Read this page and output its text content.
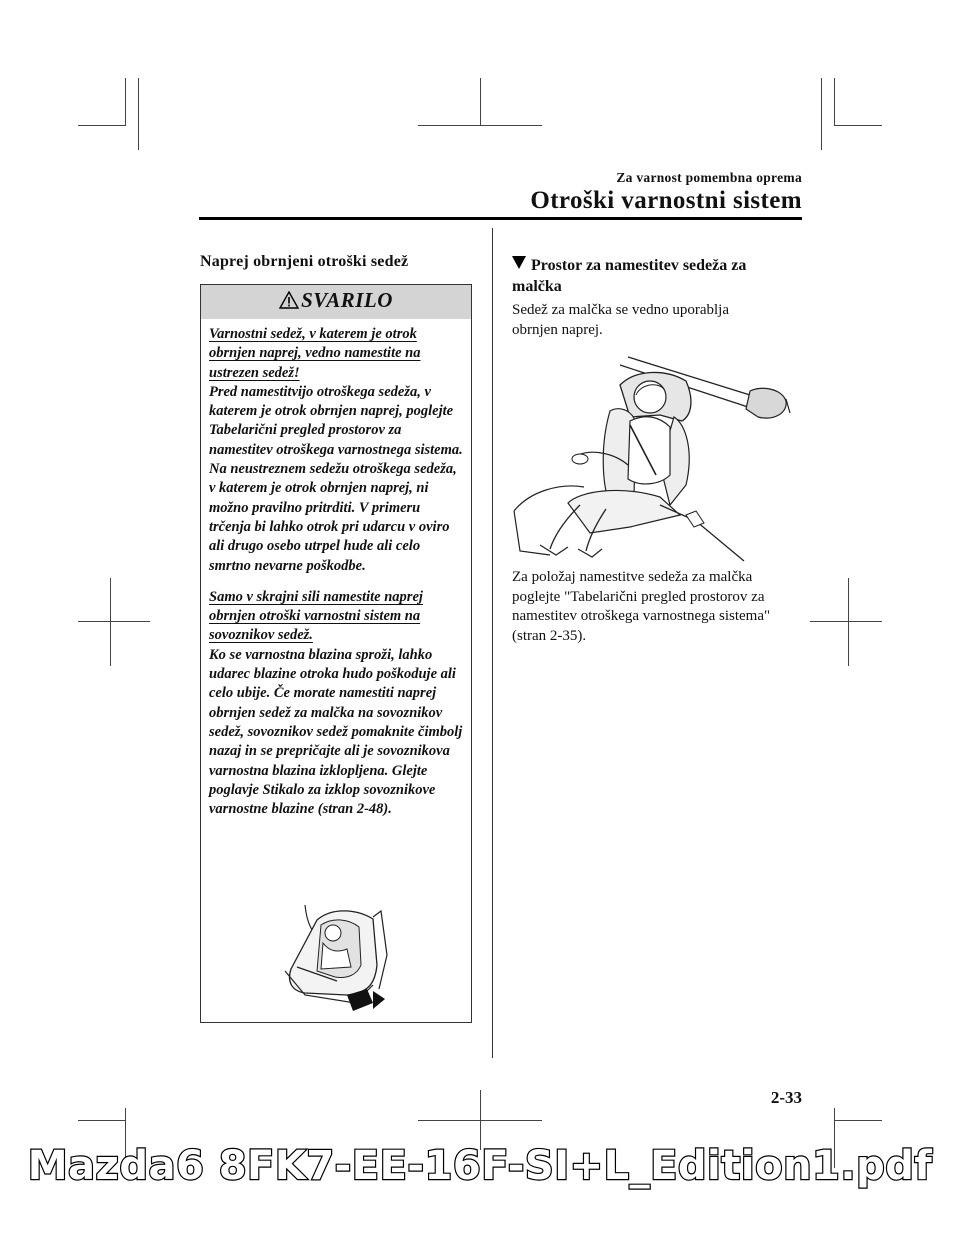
Za varnost pomembna oprema
Otroški varnostni sistem
Naprej obrnjeni otroški sedež
SVARILO

Varnostni sedež, v katerem je otrok obrnjen naprej, vedno namestite na ustrezen sedež!

Pred namestitvijo otroškega sedeža, v katerem je otrok obrnjen naprej, poglejte Tabelarični pregled prostorov za namestitev otroškega varnostnega sistema. Na neustreznem sedežu otroškega sedeža, v katerem je otrok obrnjen naprej, ni možno pravilno pritrditi. V primeru trčenja bi lahko otrok pri udarcu v oviro ali drugo osebo utrpel hude ali celo smrtno nevarne poškodbe.

Samo v skrajni sili namestite naprej obrnjen otroški varnostni sistem na sovoznikov sedež.

Ko se varnostna blazina sproži, lahko udarec blazine otroka hudo poškoduje ali celo ubije. Če morate namestiti naprej obrnjen sedež za malčka na sovoznikov sedež, sovoznikov sedež pomaknite čimbolj nazaj in se prepričajte ali je sovoznikova varnostna blazina izklopljena. Glejte poglavje Stikalo za izklop sovoznikove varnostne blazine (stran 2-48).

Prostor za namestitev sedeža za malčka
Sedež za malčka se vedno uporablja obrnjen naprej.
Za položaj namestitve sedeža za malčka poglejte "Tabelarični pregled prostorov za namestitev otroškega varnostnega sistema" (stran 2-35).
2-33
Mazda6 8FK7-EE-16F-SI+L_Edition1.pdf
